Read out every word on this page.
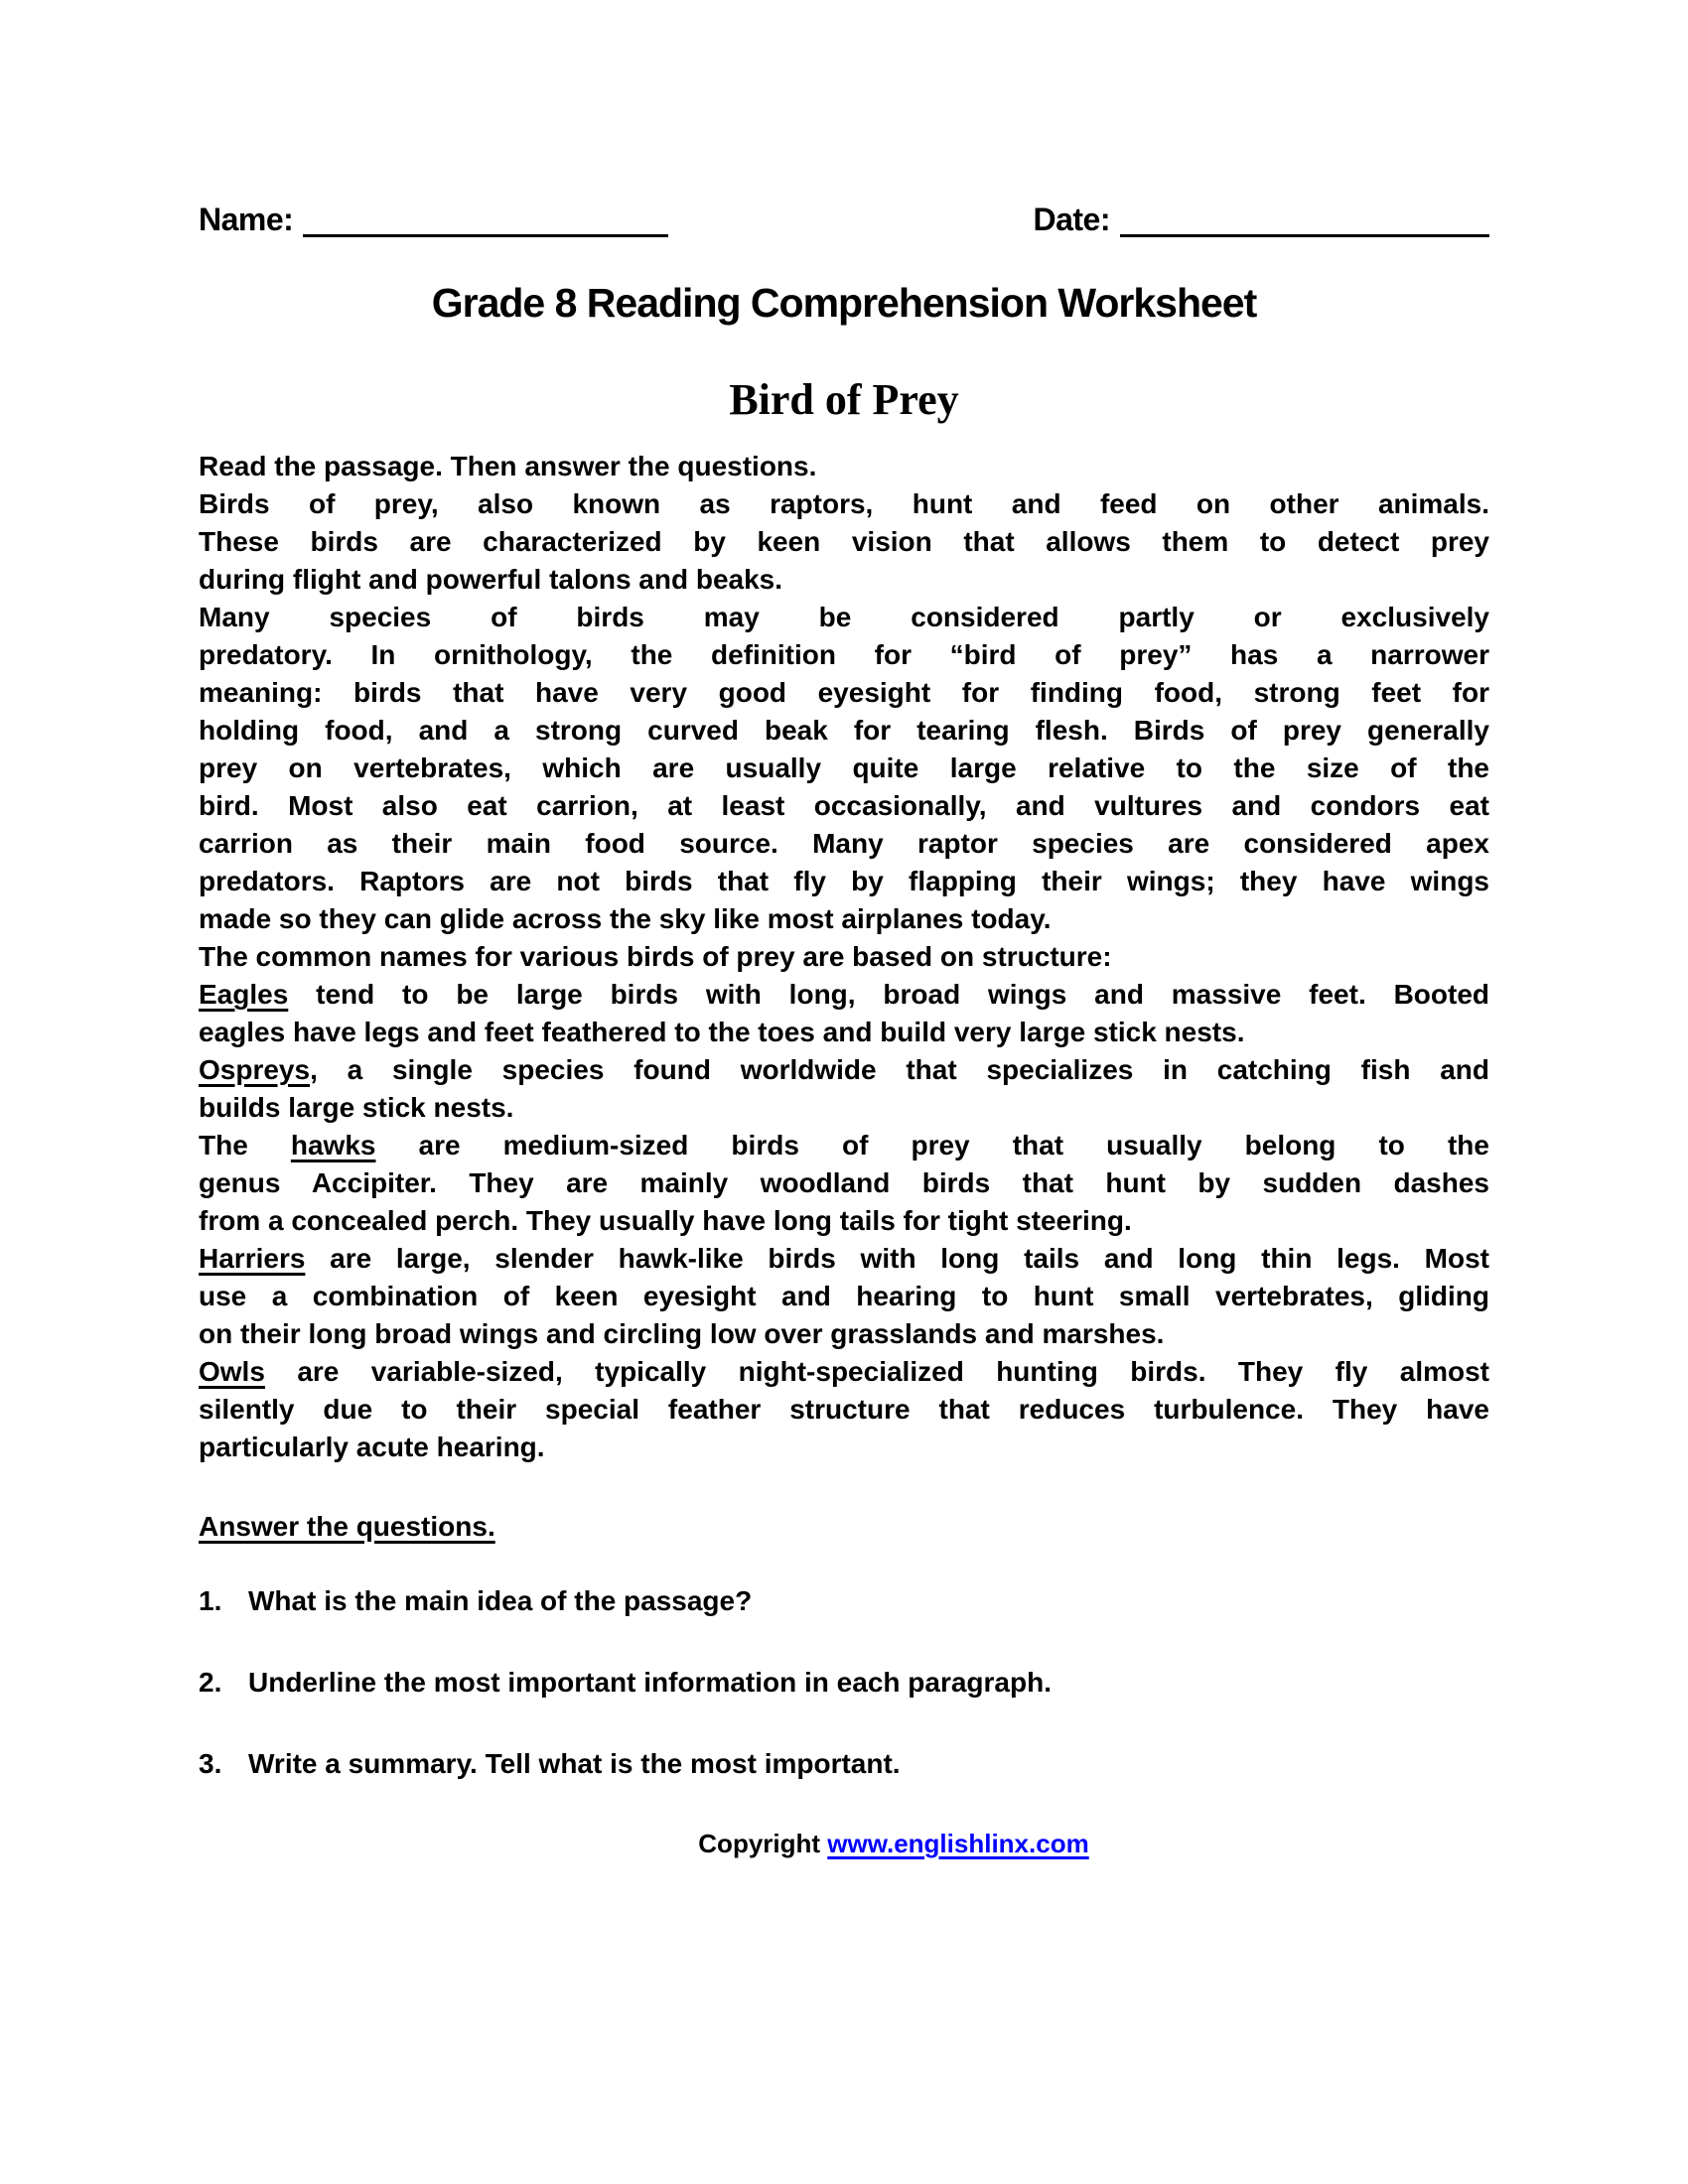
Name:	Date:
Grade 8 Reading Comprehension Worksheet
Bird of Prey
Read the passage. Then answer the questions.
Birds of prey, also known as raptors, hunt and feed on other animals.
These birds are characterized by keen vision that allows them to detect prey
during flight and powerful talons and beaks.
Many species of birds may be considered partly or exclusively
predatory. In ornithology, the definition for “bird of prey” has a narrower
meaning: birds that have very good eyesight for finding food, strong feet for
holding food, and a strong curved beak for tearing flesh. Birds of prey generally
prey on vertebrates, which are usually quite large relative to the size of the
bird. Most also eat carrion, at least occasionally, and vultures and condors eat
carrion as their main food source. Many raptor species are considered apex
predators. Raptors are not birds that fly by flapping their wings; they have wings
made so they can glide across the sky like most airplanes today.
The common names for various birds of prey are based on structure:
Eagles tend to be large birds with long, broad wings and massive feet. Booted
eagles have legs and feet feathered to the toes and build very large stick nests.
Ospreys, a single species found worldwide that specializes in catching fish and
builds large stick nests.
The hawks are medium-sized birds of prey that usually belong to the
genus Accipiter. They are mainly woodland birds that hunt by sudden dashes
from a concealed perch. They usually have long tails for tight steering.
Harriers are large, slender hawk-like birds with long tails and long thin legs. Most
use a combination of keen eyesight and hearing to hunt small vertebrates, gliding
on their long broad wings and circling low over grasslands and marshes.
Owls are variable-sized, typically night-specialized hunting birds. They fly almost
silently due to their special feather structure that reduces turbulence. They have
particularly acute hearing.
Answer the questions.
1. What is the main idea of the passage?
2. Underline the most important information in each paragraph.
3. Write a summary. Tell what is the most important.
Copyright www.englishlinx.com
